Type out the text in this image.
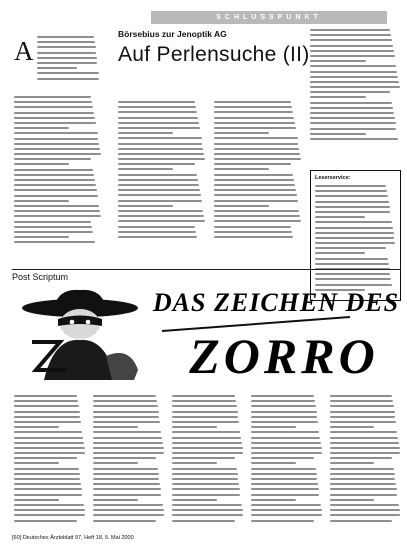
SCHLUSSPUNKT
A
Börsebius zur Jenoptik AG
Auf Perlensuche (II)
Leserservice:
Post Scriptum
DAS ZEICHEN DES
ZORRO
[60] Deutsches Ärzteblatt 97, Heft 18, 5. Mai 2000
